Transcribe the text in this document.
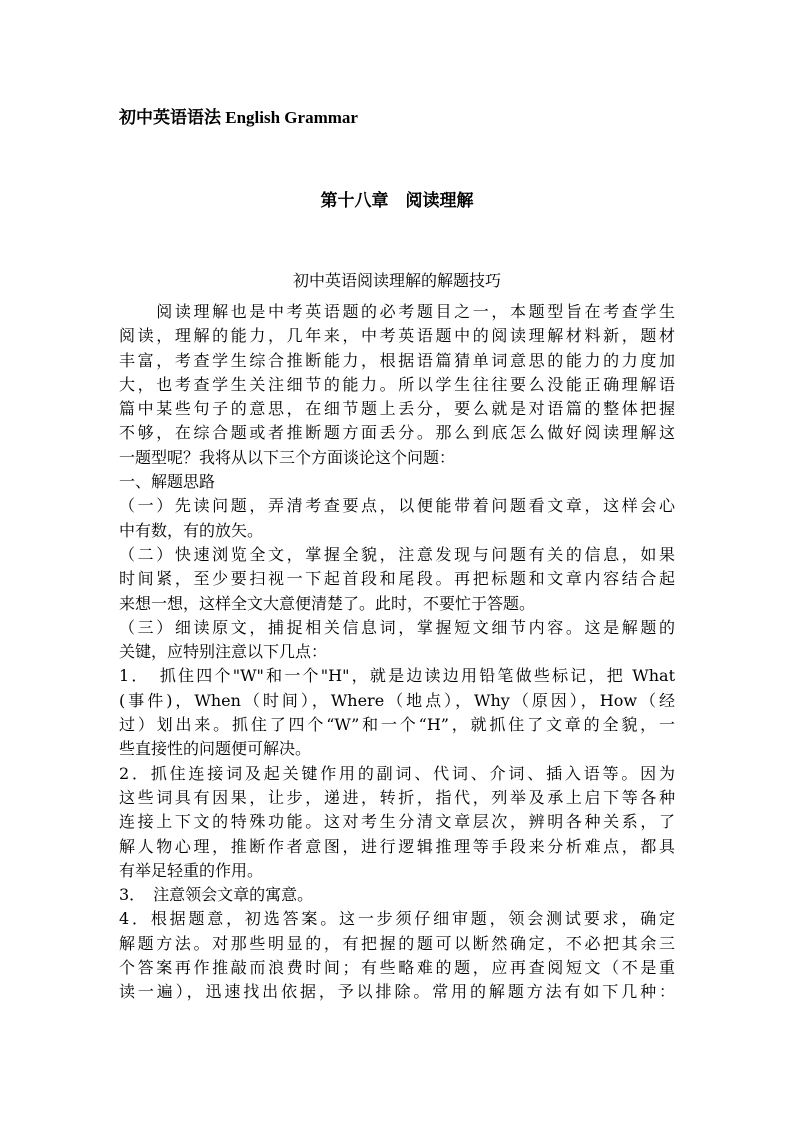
初中英语语法 English Grammar
第十八章　阅读理解
初中英语阅读理解的解题技巧
　　阅读理解也是中考英语题的必考题目之一，本题型旨在考查学生
阅读，理解的能力，几年来，中考英语题中的阅读理解材料新，题材
丰富，考查学生综合推断能力，根据语篇猜单词意思的能力的力度加
大，也考查学生关注细节的能力。所以学生往往要么没能正确理解语
篇中某些句子的意思，在细节题上丢分，要么就是对语篇的整体把握
不够，在综合题或者推断题方面丢分。那么到底怎么做好阅读理解这
一题型呢？我将从以下三个方面谈论这个问题：
一、解题思路
（一）先读问题，弄清考查要点，以便能带着问题看文章，这样会心
中有数，有的放矢。
（二）快速浏览全文，掌握全貌，注意发现与问题有关的信息，如果
时间紧，至少要扫视一下起首段和尾段。再把标题和文章内容结合起
来想一想，这样全文大意便清楚了。此时，不要忙于答题。
（三）细读原文，捕捉相关信息词，掌握短文细节内容。这是解题的
关键，应特别注意以下几点：
1．　抓住四个"W"和一个"H"，就是边读边用铅笔做些标记，把 What
(事件)，When（时间），Where（地点），Why（原因），How（经
过）划出来。抓住了四个“W”和一个“H”，就抓住了文章的全貌，一
些直接性的问题便可解决。
2．抓住连接词及起关键作用的副词、代词、介词、插入语等。因为
这些词具有因果，让步，递进，转折，指代，列举及承上启下等各种
连接上下文的特殊功能。这对考生分清文章层次，辨明各种关系，了
解人物心理，推断作者意图，进行逻辑推理等手段来分析难点，都具
有举足轻重的作用。
3．　注意领会文章的寓意。
4．根据题意，初选答案。这一步须仔细审题，领会测试要求，确定
解题方法。对那些明显的，有把握的题可以断然确定，不必把其余三
个答案再作推敲而浪费时间；有些略难的题，应再查阅短文（不是重
读一遍），迅速找出依据，予以排除。常用的解题方法有如下几种：
